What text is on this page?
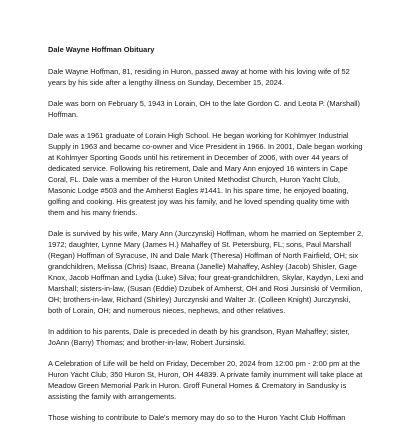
Dale Wayne Hoffman Obituary

Dale Wayne Hoffman, 81, residing in Huron, passed away at home with his loving wife of 52 years by his side after a lengthy illness on Sunday, December 15, 2024.

Dale was born on February 5, 1943 in Lorain, OH to the late Gordon C. and Leota P. (Marshall) Hoffman.

Dale was a 1961 graduate of Lorain High School. He began working for Kohlmyer Industrial Supply in 1963 and became co-owner and Vice President in 1966. In 2001, Dale began working at Kohlmyer Sporting Goods until his retirement in December of 2006, with over 44 years of dedicated service. Following his retirement, Dale and Mary Ann enjoyed 16 winters in Cape Coral, FL. Dale was a member of the Huron United Methodist Church, Huron Yacht Club, Masonic Lodge #503 and the Amherst Eagles #1441. In his spare time, he enjoyed boating, golfing and cooking. His greatest joy was his family, and he loved spending quality time with them and his many friends.

Dale is survived by his wife, Mary Ann (Jurczynski) Hoffman, whom he married on September 2, 1972; daughter, Lynne Mary (James H.) Mahaffey of St. Petersburg, FL; sons, Paul Marshall (Regan) Hoffman of Syracuse, IN and Dale Mark (Theresa) Hoffman of North Fairfield, OH; six grandchildren, Melissa (Chris) Isaac, Breana (Janelle) Mahaffey, Ashley (Jacob) Shisler, Gage Knox, Jacob Hoffman and Lydia (Luke) Silva; four great-grandchildren, Skylar, Kaydyn, Lexi and Marshall; sisters-in-law, (Susan (Eddie) Dzubek of Amherst, OH and Rosi Jursinski of Vermilion, OH; brothers-in-law, Richard (Shirley) Jurczynski and Walter Jr. (Colleen Knight) Jurczynski, both of Lorain, OH; and numerous nieces, nephews, and other relatives.

In addition to his parents, Dale is preceded in death by his grandson, Ryan Mahaffey; sister, JoAnn (Barry) Thomas; and brother-in-law, Robert Jursinski.

A Celebration of Life will be held on Friday, December 20, 2024 from 12:00 pm - 2:00 pm at the Huron Yacht Club, 350 Huron St, Huron, OH 44839. A private family inurnment will take place at Meadow Green Memorial Park in Huron. Groff Funeral Homes & Crematory in Sandusky is assisting the family with arrangements.

Those wishing to contribute to Dale's memory may do so to the Huron Yacht Club Hoffman
